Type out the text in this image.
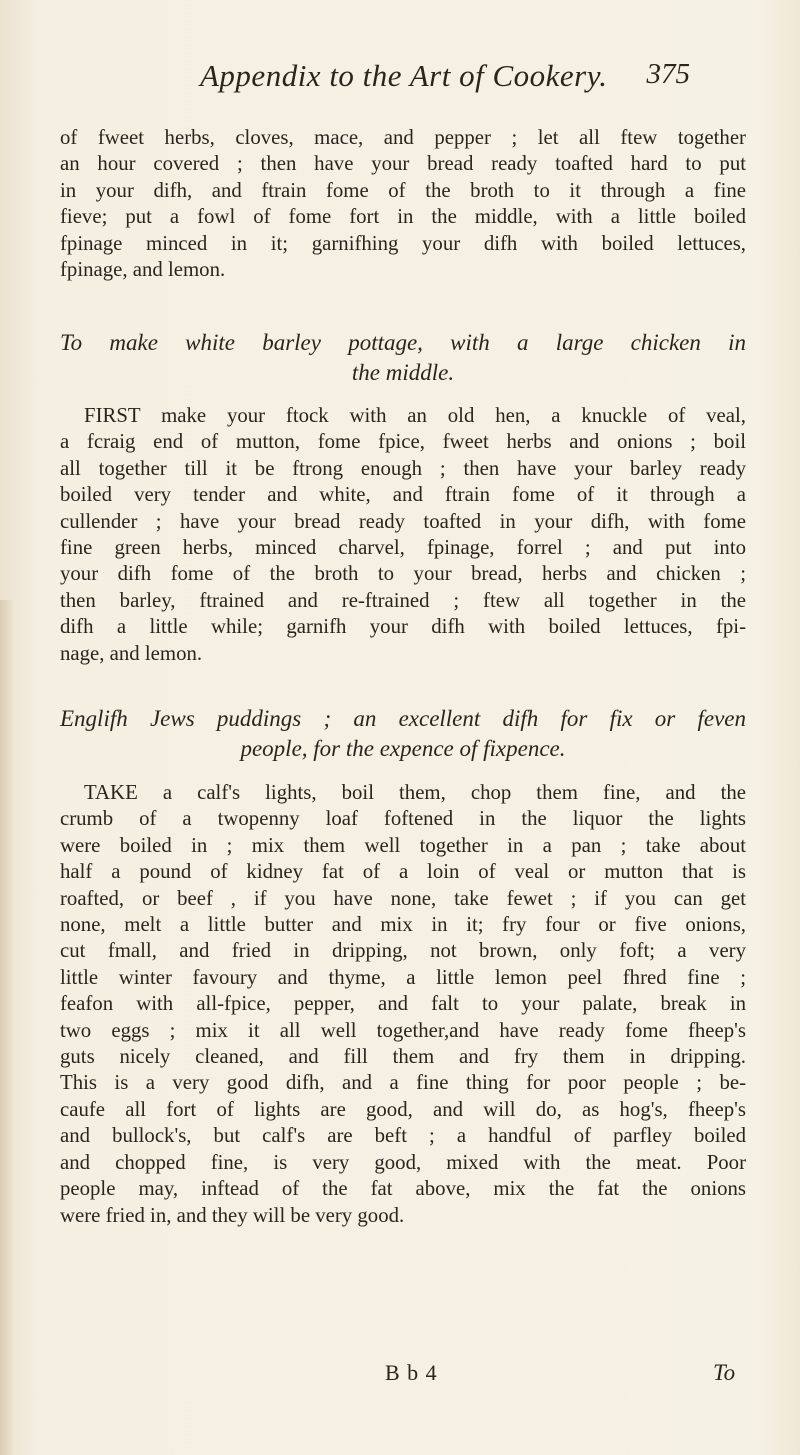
Appendix to the Art of Cookery. 375
of fweet herbs, cloves, mace, and pepper ; let all ftew together
an hour covered ; then have your bread ready toafted hard to put
in your difh, and ftrain fome of the broth to it through a fine
fieve; put a fowl of fome fort in the middle, with a little boiled
fpinage minced in it; garnifhing your difh with boiled lettuces,
fpinage, and lemon.
To make white barley pottage, with a large chicken in
the middle.
FIRST make your ftock with an old hen, a knuckle of veal,
a fcraig end of mutton, fome fpice, fweet herbs and onions ; boil
all together till it be ftrong enough ; then have your barley ready
boiled very tender and white, and ftrain fome of it through a
cullender ; have your bread ready toafted in your difh, with fome
fine green herbs, minced charvel, fpinage, forrel ; and put into
your difh fome of the broth to your bread, herbs and chicken ;
then barley, ftrained and re-ftrained ; ftew all together in the
difh a little while; garnifh your difh with boiled lettuces, fpi-
nage, and lemon.
Englifh Jews puddings ; an excellent difh for fix or feven
people, for the expence of fixpence.
TAKE a calf's lights, boil them, chop them fine, and the
crumb of a twopenny loaf foftened in the liquor the lights
were boiled in ; mix them well together in a pan ; take about
half a pound of kidney fat of a loin of veal or mutton that is
roafted, or beef , if you have none, take fewet ; if you can get
none, melt a little butter and mix in it; fry four or five onions,
cut fmall, and fried in dripping, not brown, only foft; a very
little winter favoury and thyme, a little lemon peel fhred fine ;
feafon with all-fpice, pepper, and falt to your palate, break in
two eggs ; mix it all well together,and have ready fome fheep's
guts nicely cleaned, and fill them and fry them in dripping.
This is a very good difh, and a fine thing for poor people ; be-
caufe all fort of lights are good, and will do, as hog's, fheep's
and bullock's, but calf's are beft ; a handful of parfley boiled
and chopped fine, is very good, mixed with the meat. Poor
people may, inftead of the fat above, mix the fat the onions
were fried in, and they will be very good.
B b 4	To
